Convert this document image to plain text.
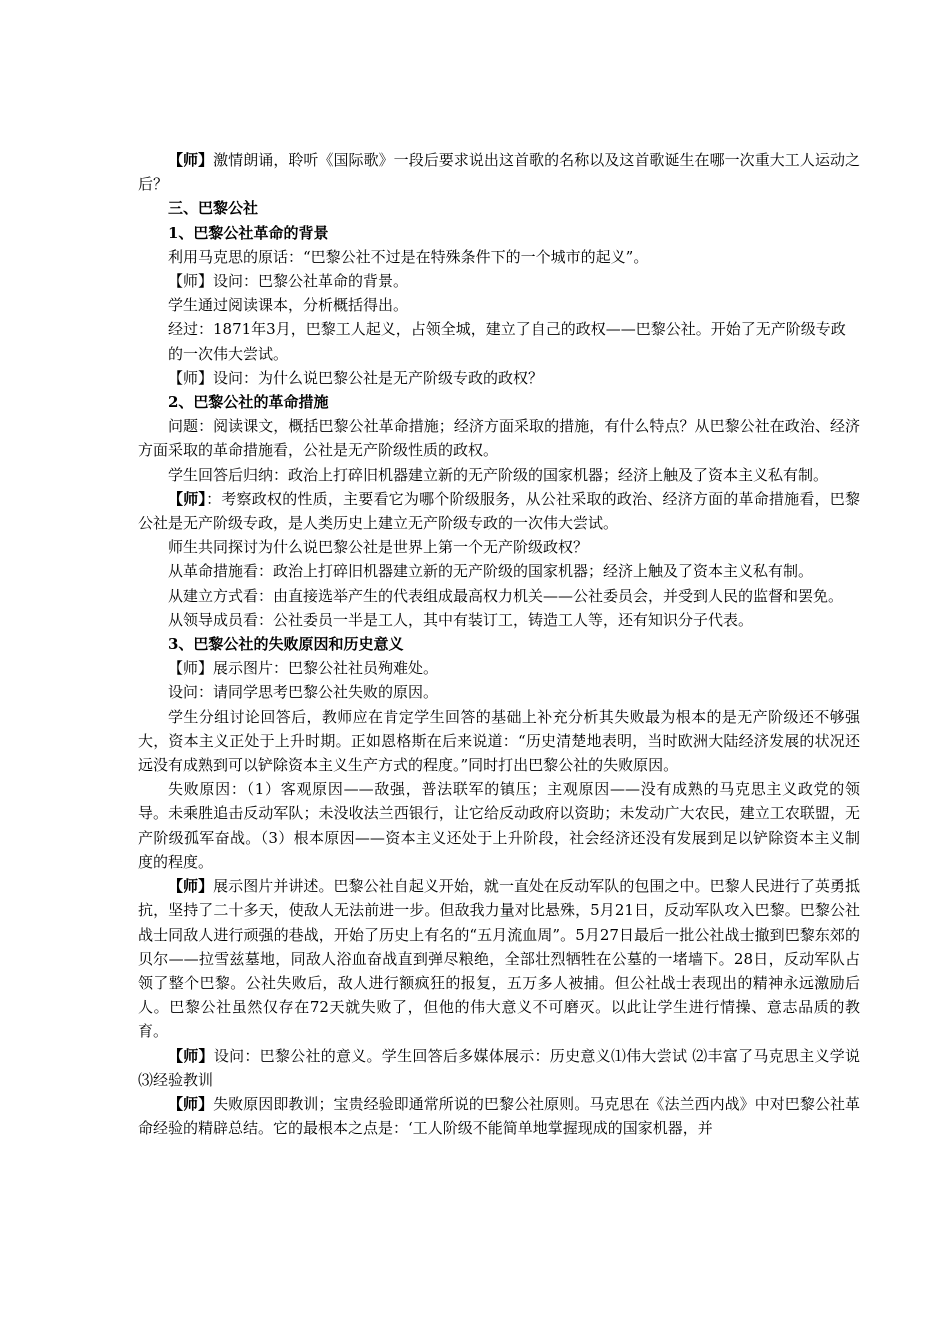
【师】激情朗诵，聆听《国际歌》一段后要求说出这首歌的名称以及这首歌诞生在哪一次重大工人运动之后？

三、巴黎公社

1、巴黎公社革命的背景

利用马克思的原话：“巴黎公社不过是在特殊条件下的一个城市的起义”。

【师】设问：巴黎公社革命的背景。

学生通过阅读课本，分析概括得出。

经过：1871年3月，巴黎工人起义，占领全城，建立了自己的政权——巴黎公社。开始了无产阶级专政的一次伟大尝试。

【师】设问：为什么说巴黎公社是无产阶级专政的政权？

2、巴黎公社的革命措施

问题：阅读课文，概括巴黎公社革命措施；经济方面采取的措施，有什么特点？从巴黎公社在政治、经济方面采取的革命措施看，公社是无产阶级性质的政权。

学生回答后归纳：政治上打碎旧机器建立新的无产阶级的国家机器；经济上触及了资本主义私有制。

【师】：考察政权的性质，主要看它为哪个阶级服务，从公社采取的政治、经济方面的革命措施看，巴黎公社是无产阶级专政，是人类历史上建立无产阶级专政的一次伟大尝试。

师生共同探讨为什么说巴黎公社是世界上第一个无产阶级政权？

从革命措施看：政治上打碎旧机器建立新的无产阶级的国家机器；经济上触及了资本主义私有制。

从建立方式看：由直接选举产生的代表组成最高权力机关——公社委员会，并受到人民的监督和罢免。

从领导成员看：公社委员一半是工人，其中有装订工，铸造工人等，还有知识分子代表。

3、巴黎公社的失败原因和历史意义

【师】展示图片：巴黎公社社员殉难处。

设问：请同学思考巴黎公社失败的原因。

学生分组讨论回答后，教师应在肯定学生回答的基础上补充分析其失败最为根本的是无产阶级还不够强大，资本主义正处于上升时期。正如恩格斯在后来说道：“历史清楚地表明，当时欧洲大陆经济发展的状况还远没有成熟到可以铲除资本主义生产方式的程度。”同时打出巴黎公社的失败原因。

失败原因：（1）客观原因——敌强，普法联军的镇压；主观原因——没有成熟的马克思主义政党的领导。未乘胜追击反动军队；未没收法兰西银行，让它给反动政府以资助；未发动广大农民，建立工农联盟，无产阶级孤军奋战。（3）根本原因——资本主义还处于上升阶段，社会经济还没有发展到足以铲除资本主义制度的程度。

【师】展示图片并讲述。巴黎公社自起义开始，就一直处在反动军队的包围之中。巴黎人民进行了英勇抵抗，坚持了二十多天，使敌人无法前进一步。但敌我力量对比悬殊，5月21日，反动军队攻入巴黎。巴黎公社战士同敌人进行顽强的巷战，开始了历史上有名的“五月流血周”。5月27日最后一批公社战士撤到巴黎东郊的贝尔——拉雪兹墓地，同敌人浴血奋战直到弹尽粮绝，全部壮烈牺牲在公墓的一堵墙下。28日，反动军队占领了整个巴黎。公社失败后，敌人进行额疯狂的报复，五万多人被捕。但公社战士表现出的精神永远激励后人。巴黎公社虽然仅存在72天就失败了，但他的伟大意义不可磨灭。以此让学生进行情操、意志品质的教育。

【师】设问：巴黎公社的意义。学生回答后多媒体展示：历史意义⑴伟大尝试 ⑵丰富了马克思主义学说 ⑶经验教训

【师】失败原因即教训；宝贵经验即通常所说的巴黎公社原则。马克思在《法兰西内战》中对巴黎公社革命经验的精辟总结。它的最根本之点是：‘工人阶级不能简单地掌握现成的国家机器，并
